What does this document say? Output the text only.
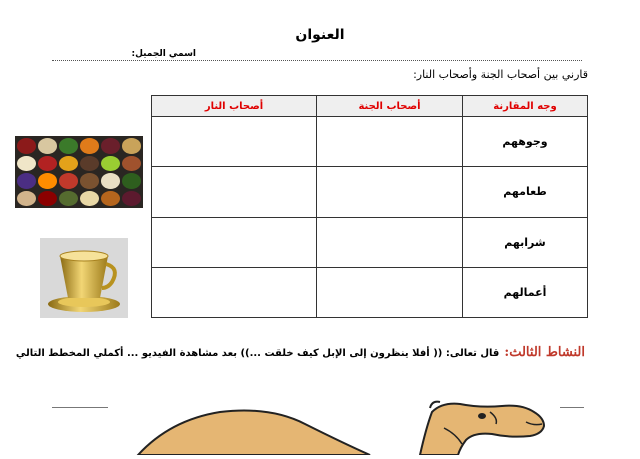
العنوان
اسمي الجميل:
قارني بين أصحاب الجنة وأصحاب النار:
وجه المقارنة	أصحاب الجنة	أصحاب النار
وجوههم		
طعامهم		
شرابهم		
أعمالهم		
النشاط الثالث: قال تعالى: (( أفلا ينظرون إلى الإبل كيف خلقت ...)) بعد مشاهدة الفيديو ... أكملي المخطط التالي
